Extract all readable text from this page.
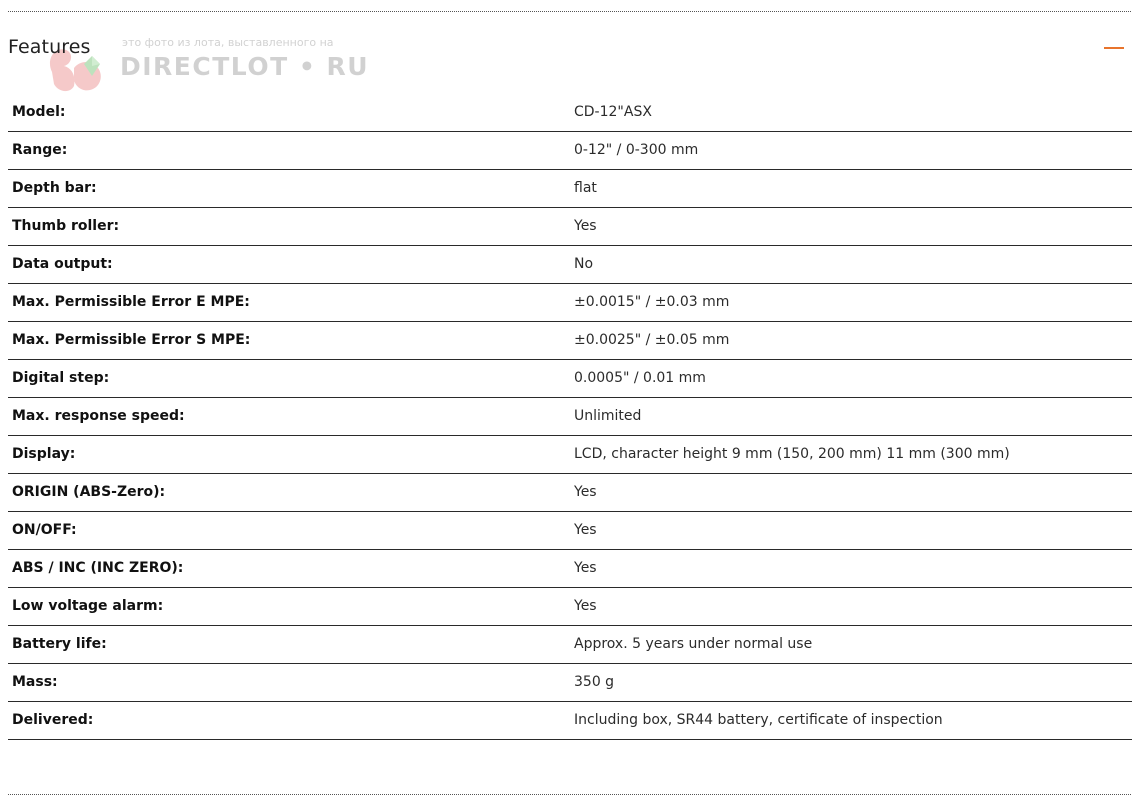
Features	это фото из лота, выставленного на
DIRECTLOT • RU
Model:	CD-12"ASX
Range:	0-12" / 0-300 mm
Depth bar:	flat
Thumb roller:	Yes
Data output:	No
Max. Permissible Error E MPE:	±0.0015" / ±0.03 mm
Max. Permissible Error S MPE:	±0.0025" / ±0.05 mm
Digital step:	0.0005" / 0.01 mm
Max. response speed:	Unlimited
Display:	LCD, character height 9 mm (150, 200 mm) 11 mm (300 mm)
ORIGIN (ABS-Zero):	Yes
ON/OFF:	Yes
ABS / INC (INC ZERO):	Yes
Low voltage alarm:	Yes
Battery life:	Approx. 5 years under normal use
Mass:	350 g
Delivered:	Including box, SR44 battery, certificate of inspection
